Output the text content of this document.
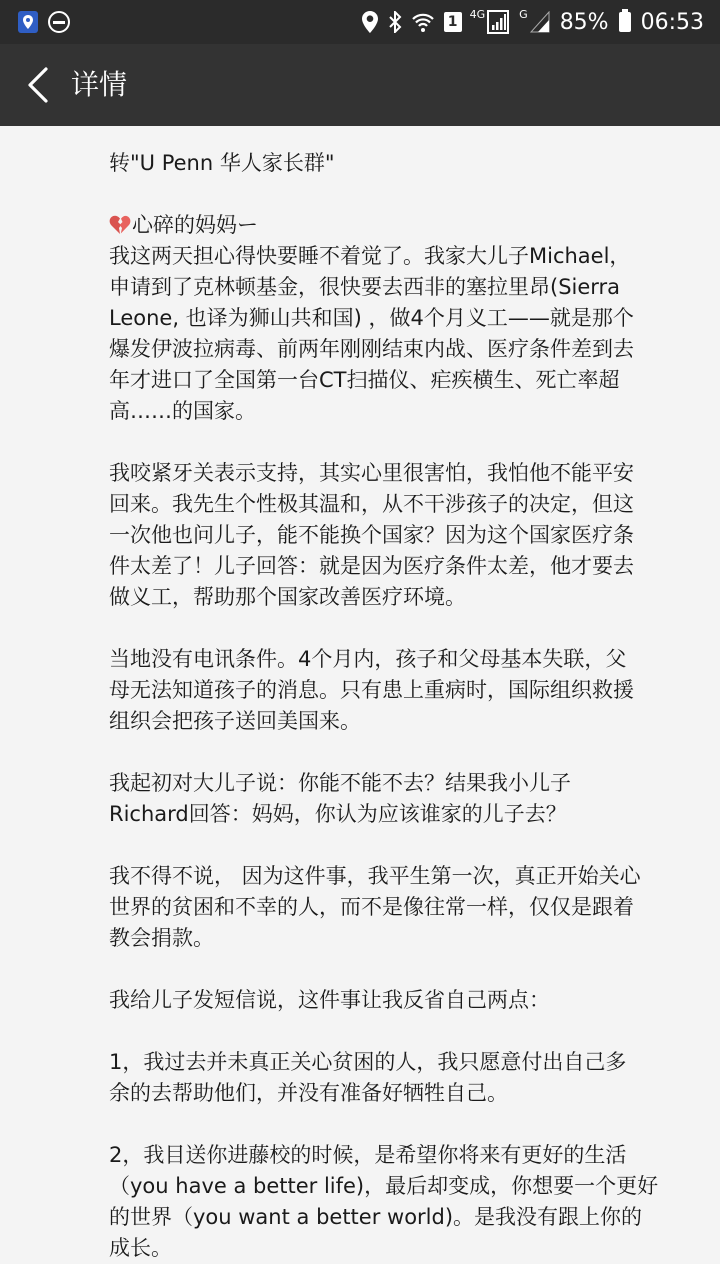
1	4G	G 85% 06:53
详情

转"U Penn 华人家长群"

心碎的妈妈ー

我这两天担心得快要睡不着觉了。我家大儿子Michael，
申请到了克林顿基金，很快要去西非的塞拉里昂(Sierra
Leone, 也译为狮山共和国) ，做4个月义工——就是那个
爆发伊波拉病毒、前两年刚刚结束内战、医疗条件差到去
年才进口了全国第一台CT扫描仪、疟疾横生、死亡率超
高……的国家。

我咬紧牙关表示支持，其实心里很害怕，我怕他不能平安
回来。我先生个性极其温和，从不干涉孩子的决定，但这
一次他也问儿子，能不能换个国家？因为这个国家医疗条
件太差了！儿子回答：就是因为医疗条件太差，他才要去
做义工，帮助那个国家改善医疗环境。

当地没有电讯条件。4个月内，孩子和父母基本失联，父
母无法知道孩子的消息。只有患上重病时，国际组织救援
组织会把孩子送回美国来。

我起初对大儿子说：你能不能不去？结果我小儿子
Richard回答：妈妈，你认为应该谁家的儿子去？

我不得不说， 因为这件事，我平生第一次，真正开始关心
世界的贫困和不幸的人，而不是像往常一样，仅仅是跟着
教会捐款。

我给儿子发短信说，这件事让我反省自己两点：

1，我过去并未真正关心贫困的人，我只愿意付出自己多
余的去帮助他们，并没有准备好牺牲自己。

2，我目送你进藤校的时候，是希望你将来有更好的生活
（you have a better life)，最后却变成，你想要一个更好
的世界（you want a better world)。是我没有跟上你的
成长。
